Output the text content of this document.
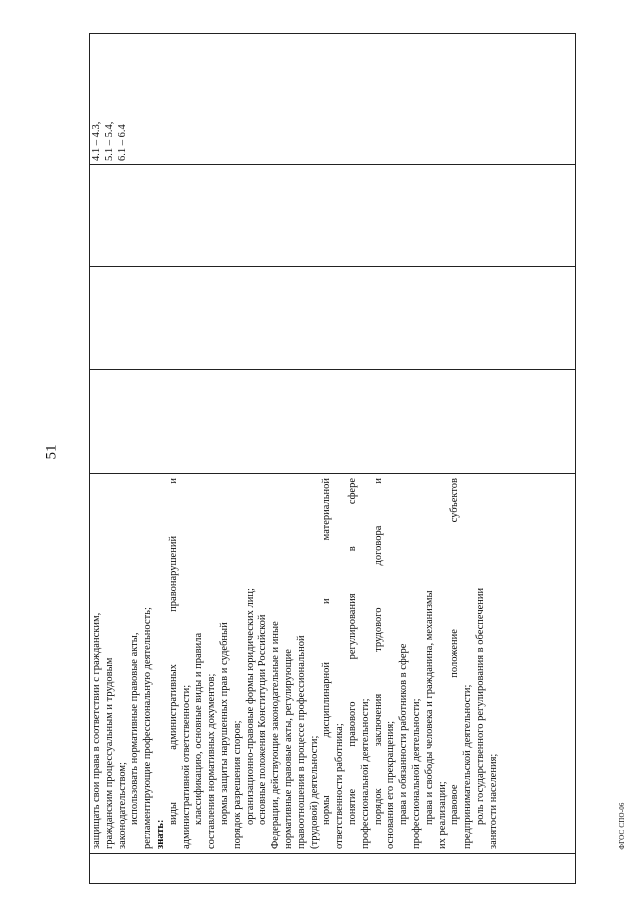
51
ФГОС СПО-06

защищать свои права в соответствии с гражданским, гражданским процессуальным и трудовым законодательством; использовать нормативные правовые акты, регламентирующие профессиональную деятельность; знать:

виды административных правонарушений и административной ответственности; классификацию, основные виды и правила составления нормативных документов; нормы защиты нарушенных прав и судебный порядок разрешения споров; организационно-правовые формы юридических лиц; основные положения Конституции Российской Федерации, действующие законодательные и иные нормативные правовые акты, регулирующие правоотношения в процессе профессиональной (трудовой) деятельности; нормы дисциплинарной и материальной ответственности работника; понятие правового регулирования в сфере профессиональной деятельности; порядок заключения трудового договора и основания его прекращения; права и обязанности работников в сфере профессиональной деятельности; права и свободы человека и гражданина, механизмы их реализации; правовое положение субъектов предпринимательской деятельности; роль государственного регулирования в обеспечении занятости населения;

4.1 – 4.3, 5.1 – 5.4, 6.1 – 6.4
